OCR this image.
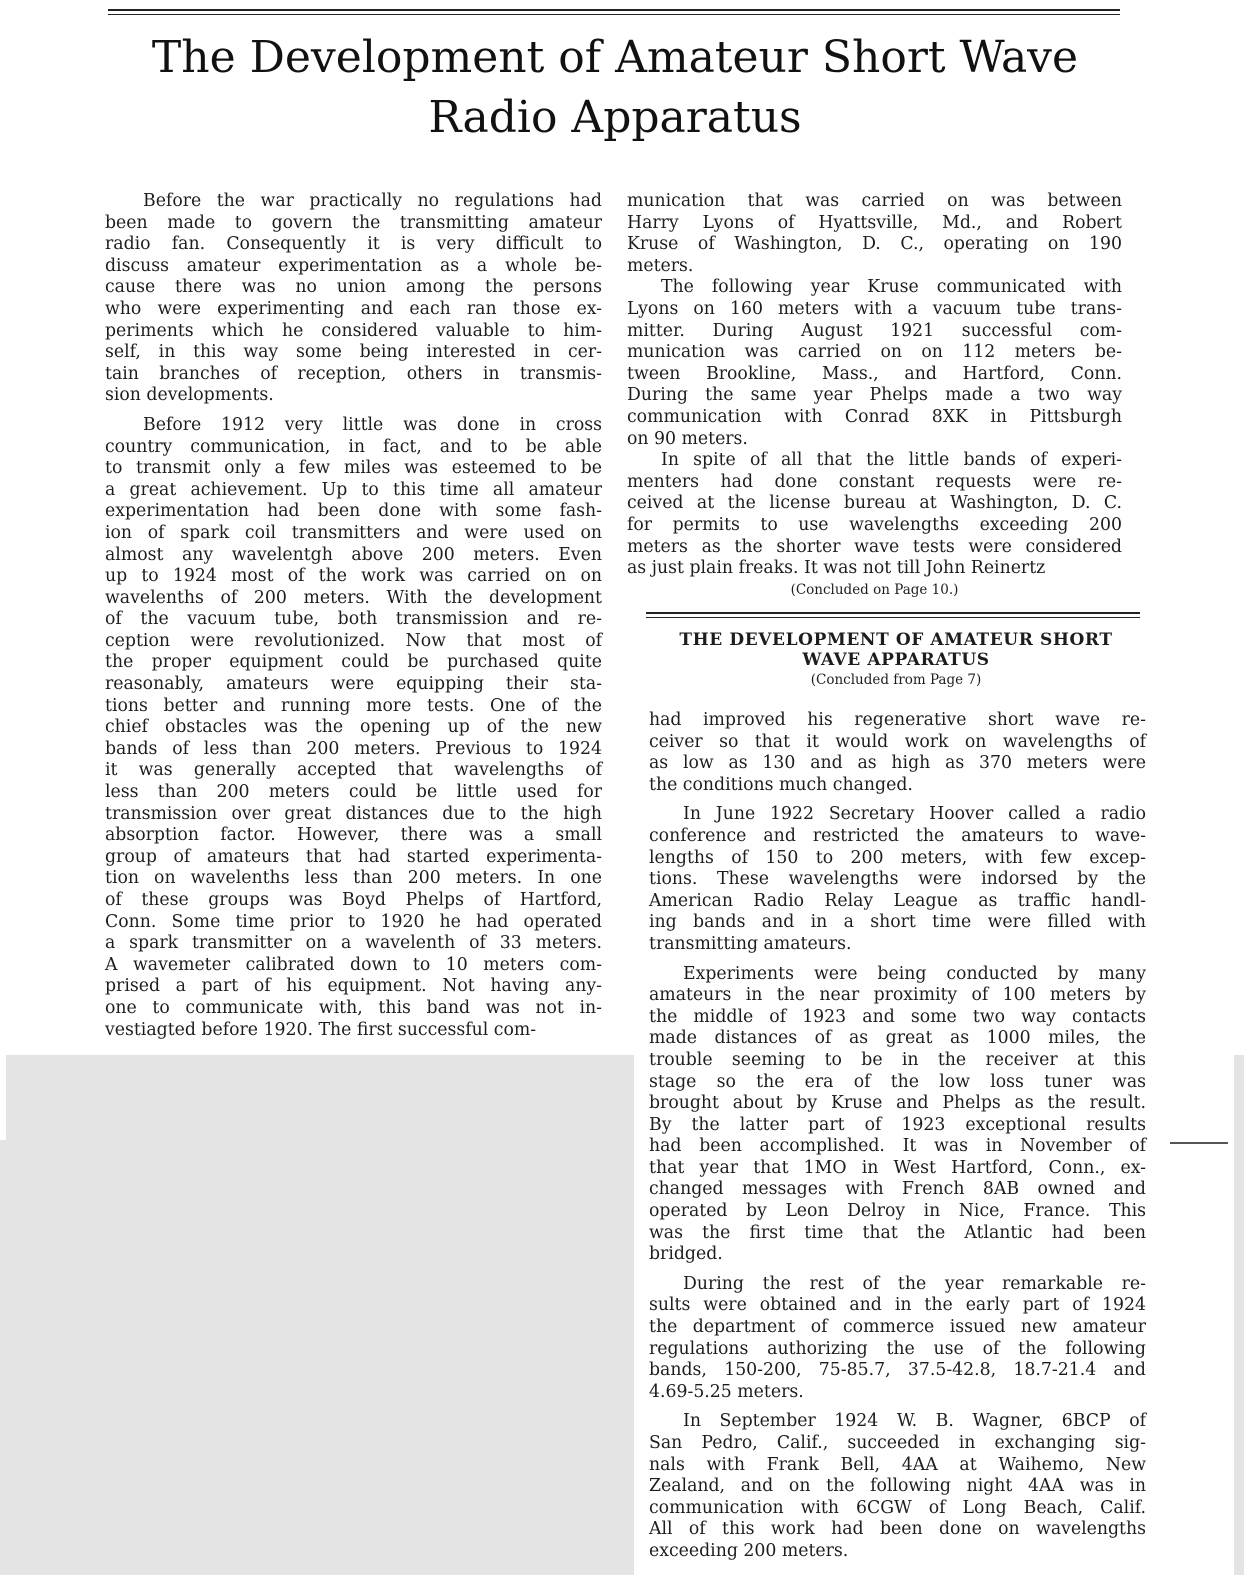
The Development of Amateur Short Wave
Radio Apparatus

Before the war practically no regulations had
been made to govern the transmitting amateur
radio fan. Consequently it is very difficult to
discuss amateur experimentation as a whole be-
cause there was no union among the persons
who were experimenting and each ran those ex-
periments which he considered valuable to him-
self, in this way some being interested in cer-
tain branches of reception, others in transmis-
sion developments.

Before 1912 very little was done in cross
country communication, in fact, and to be able
to transmit only a few miles was esteemed to be
a great achievement. Up to this time all amateur
experimentation had been done with some fash-
ion of spark coil transmitters and were used on
almost any wavelentgh above 200 meters. Even
up to 1924 most of the work was carried on on
wavelenths of 200 meters. With the development
of the vacuum tube, both transmission and re-
ception were revolutionized. Now that most of
the proper equipment could be purchased quite
reasonably, amateurs were equipping their sta-
tions better and running more tests. One of the
chief obstacles was the opening up of the new
bands of less than 200 meters. Previous to 1924
it was generally accepted that wavelengths of
less than 200 meters could be little used for
transmission over great distances due to the high
absorption factor. However, there was a small
group of amateurs that had started experimenta-
tion on wavelenths less than 200 meters. In one
of these groups was Boyd Phelps of Hartford,
Conn. Some time prior to 1920 he had operated
a spark transmitter on a wavelenth of 33 meters.
A wavemeter calibrated down to 10 meters com-
prised a part of his equipment. Not having any-
one to communicate with, this band was not in-
vestiagted before 1920. The first successful com-

munication that was carried on was between
Harry Lyons of Hyattsville, Md., and Robert
Kruse of Washington, D. C., operating on 190
meters.

The following year Kruse communicated with
Lyons on 160 meters with a vacuum tube trans-
mitter. During August 1921 successful com-
munication was carried on on 112 meters be-
tween Brookline, Mass., and Hartford, Conn.
During the same year Phelps made a two way
communication with Conrad 8XK in Pittsburgh
on 90 meters.

In spite of all that the little bands of experi-
menters had done constant requests were re-
ceived at the license bureau at Washington, D. C.
for permits to use wavelengths exceeding 200
meters as the shorter wave tests were considered
as just plain freaks. It was not till John Reinertz

(Concluded on Page 10.)
THE DEVELOPMENT OF AMATEUR SHORT
WAVE APPARATUS
(Concluded from Page 7)

had improved his regenerative short wave re-
ceiver so that it would work on wavelengths of
as low as 130 and as high as 370 meters were
the conditions much changed.

In June 1922 Secretary Hoover called a radio
conference and restricted the amateurs to wave-
lengths of 150 to 200 meters, with few excep-
tions. These wavelengths were indorsed by the
American Radio Relay League as traffic handl-
ing bands and in a short time were filled with
transmitting amateurs.

Experiments were being conducted by many
amateurs in the near proximity of 100 meters by
the middle of 1923 and some two way contacts
made distances of as great as 1000 miles, the
trouble seeming to be in the receiver at this
stage so the era of the low loss tuner was
brought about by Kruse and Phelps as the result.
By the latter part of 1923 exceptional results
had been accomplished. It was in November of
that year that 1MO in West Hartford, Conn., ex-
changed messages with French 8AB owned and
operated by Leon Delroy in Nice, France. This
was the first time that the Atlantic had been
bridged.

During the rest of the year remarkable re-
sults were obtained and in the early part of 1924
the department of commerce issued new amateur
regulations authorizing the use of the following
bands, 150-200, 75-85.7, 37.5-42.8, 18.7-21.4 and
4.69-5.25 meters.

In September 1924 W. B. Wagner, 6BCP of
San Pedro, Calif., succeeded in exchanging sig-
nals with Frank Bell, 4AA at Waihemo, New
Zealand, and on the following night 4AA was in
communication with 6CGW of Long Beach, Calif.
All of this work had been done on wavelengths
exceeding 200 meters.
